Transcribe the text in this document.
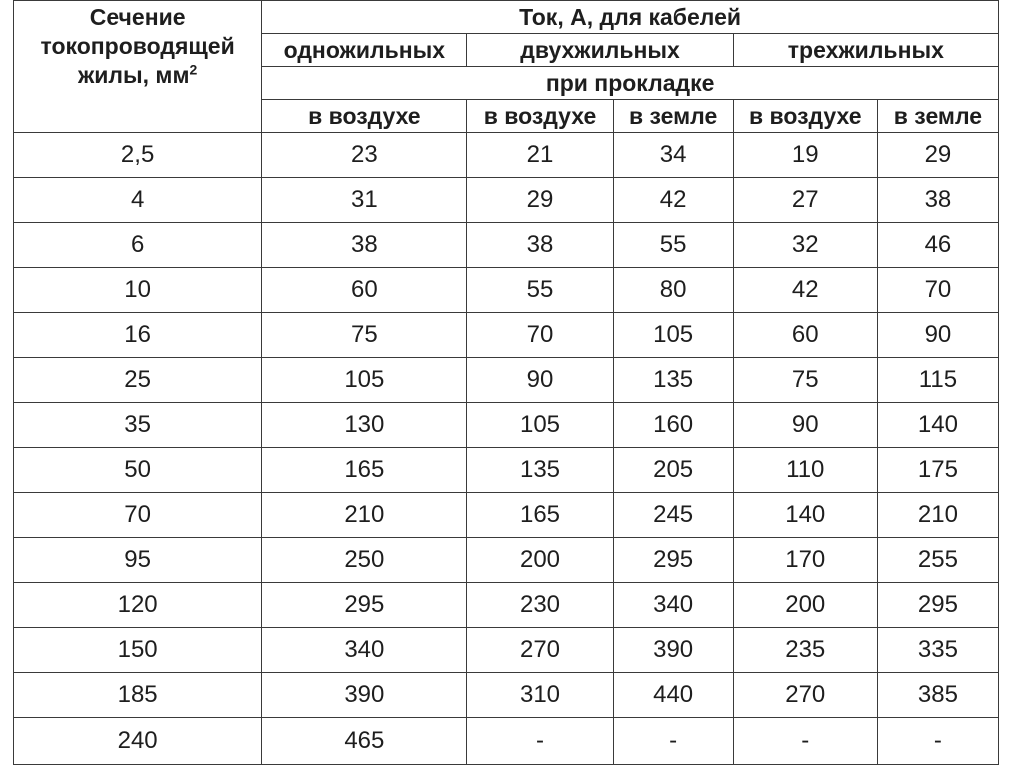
Сечение
токопроводящей
жилы, $мм^2$	Ток, А, для кабелей				
	одножильных	двухжильных		трехжильных	
	при прокладке				
	в воздухе	в воздухе	в земле	в воздухе	в земле
2,5	23	21	34	19	29
4	31	29	42	27	38
6	38	38	55	32	46
10	60	55	80	42	70
16	75	70	105	60	90
25	105	90	135	75	115
35	130	105	160	90	140
50	165	135	205	110	175
70	210	165	245	140	210
95	250	200	295	170	255
120	295	230	340	200	295
150	340	270	390	235	335
185	390	310	440	270	385
240	465	-	-	-	-
